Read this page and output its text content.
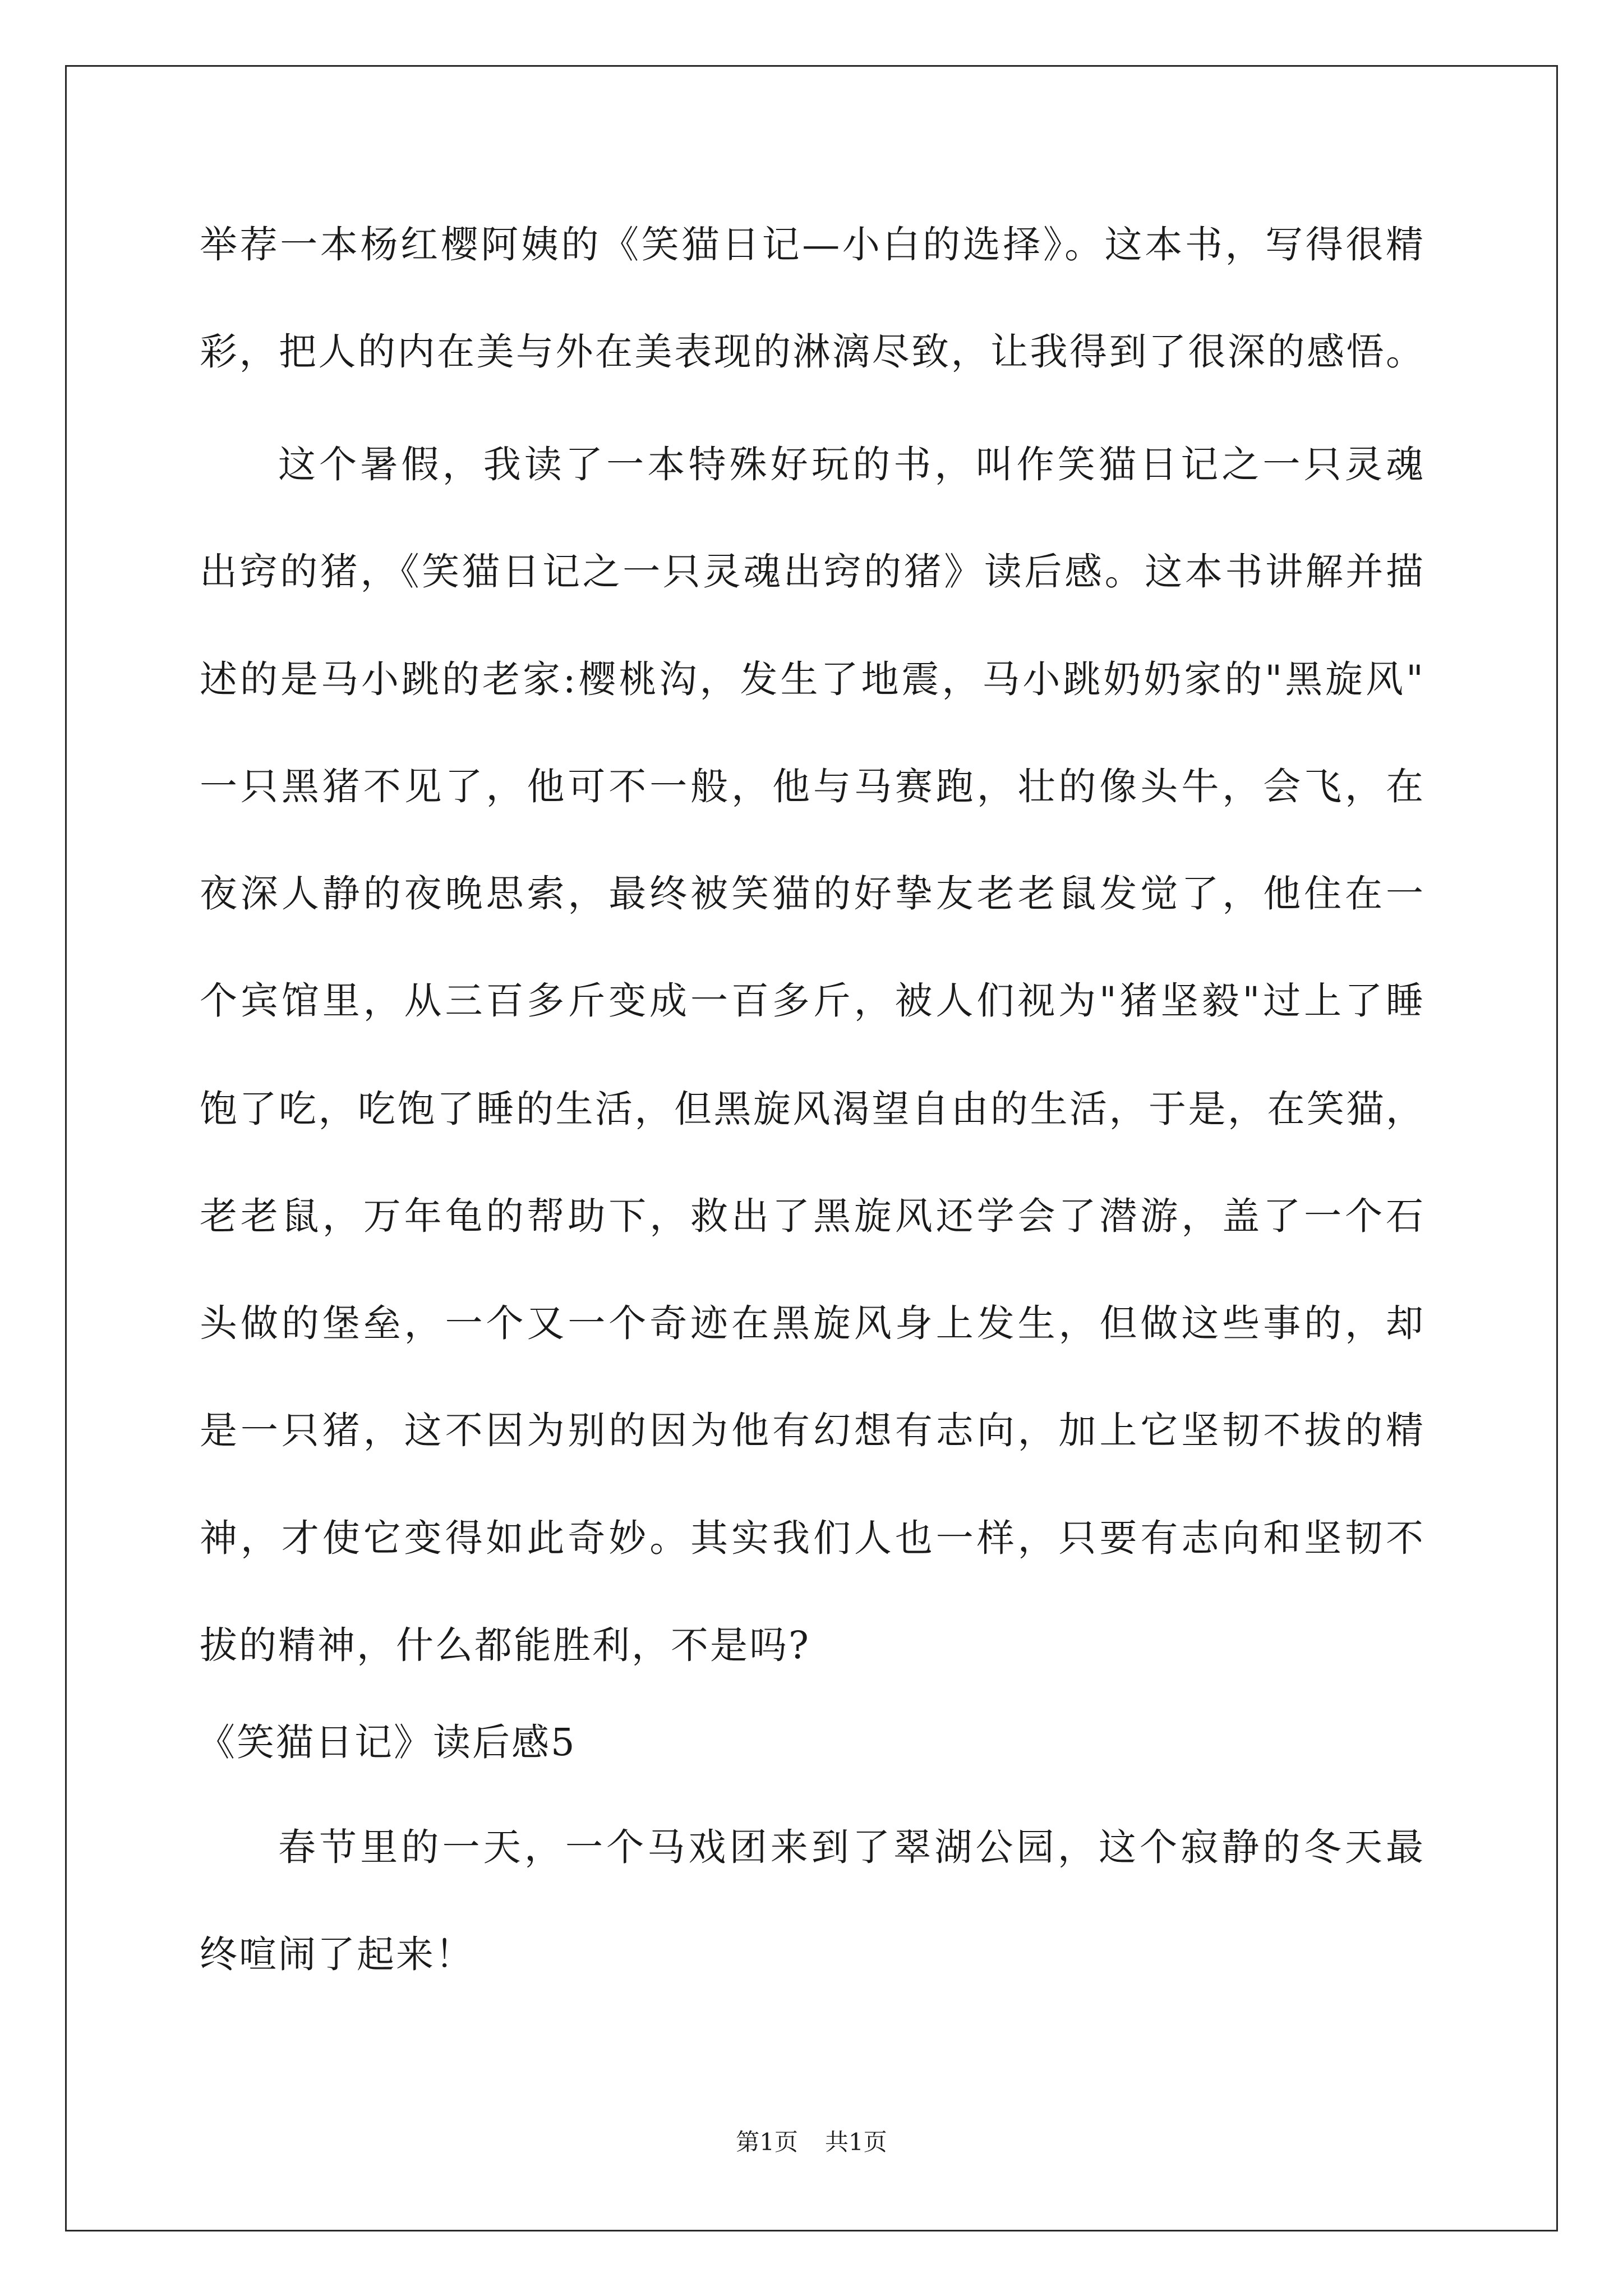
举荐一本杨红樱阿姨的《笑猫日记—小白的选择》。这本书，写得很精
彩，把人的内在美与外在美表现的淋漓尽致，让我得到了很深的感悟。
这个暑假，我读了一本特殊好玩的书，叫作笑猫日记之一只灵魂
出窍的猪，《笑猫日记之一只灵魂出窍的猪》读后感。这本书讲解并描
述的是马小跳的老家:樱桃沟，发生了地震，马小跳奶奶家的"黑旋风"
一只黑猪不见了，他可不一般，他与马赛跑，壮的像头牛，会飞，在
夜深人静的夜晚思索，最终被笑猫的好挚友老老鼠发觉了，他住在一
个宾馆里，从三百多斤变成一百多斤，被人们视为"猪坚毅"过上了睡
饱了吃，吃饱了睡的生活，但黑旋风渴望自由的生活，于是，在笑猫，
老老鼠，万年龟的帮助下，救出了黑旋风还学会了潜游，盖了一个石
头做的堡垒，一个又一个奇迹在黑旋风身上发生，但做这些事的，却
是一只猪，这不因为别的因为他有幻想有志向，加上它坚韧不拔的精
神，才使它变得如此奇妙。其实我们人也一样，只要有志向和坚韧不
拔的精神，什么都能胜利，不是吗?
《笑猫日记》读后感5
春节里的一天，一个马戏团来到了翠湖公园，这个寂静的冬天最
终喧闹了起来！
第1页 共1页
